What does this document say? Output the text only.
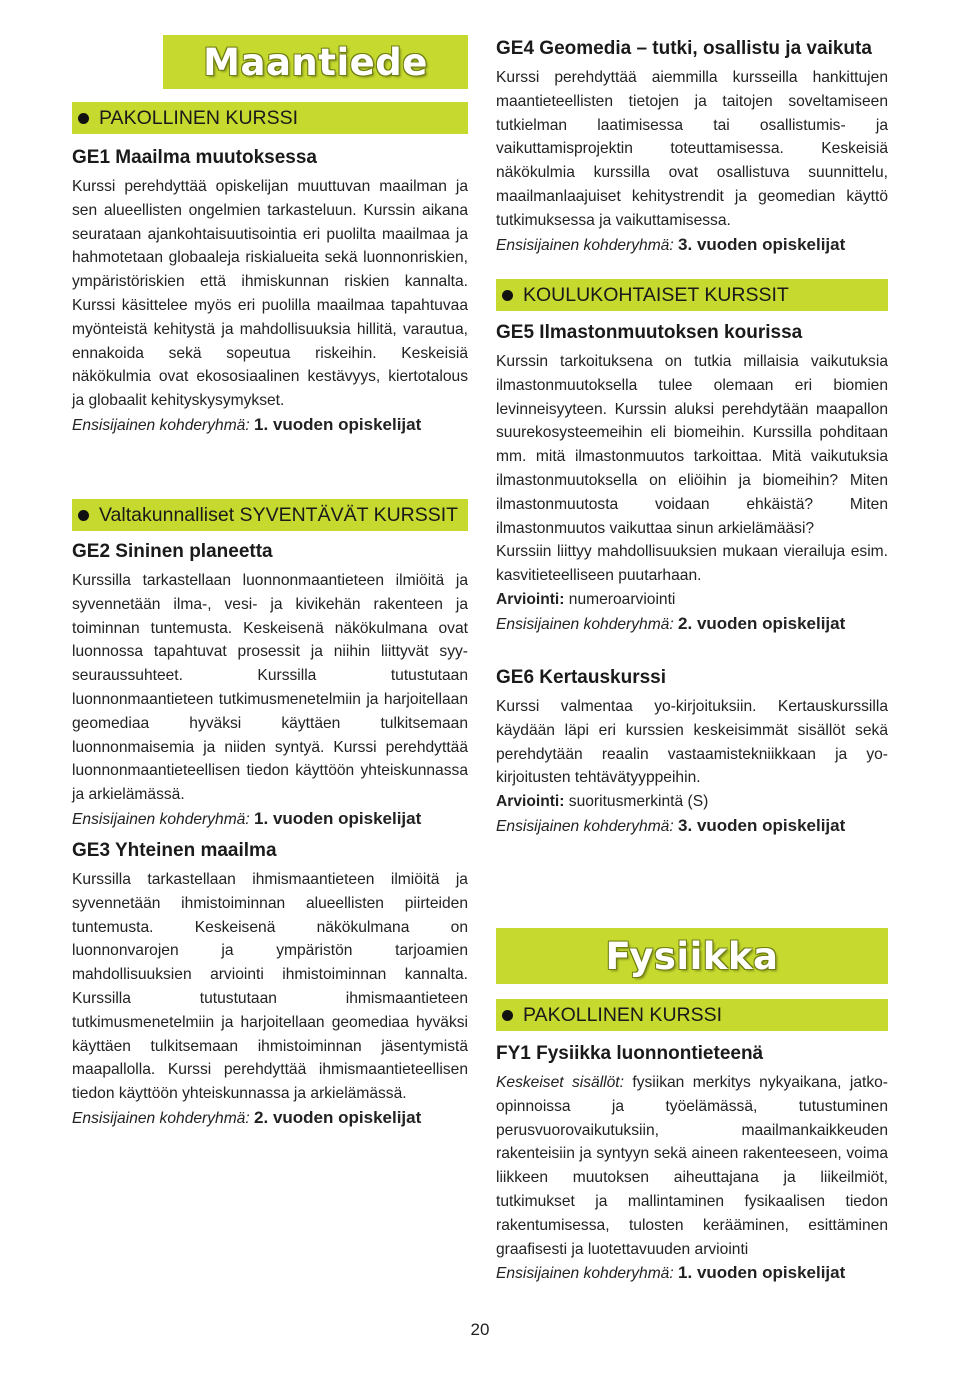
Maantiede
PAKOLLINEN KURSSI
GE1 Maailma muutoksessa

Kurssi perehdyttää opiskelijan muuttuvan maailman ja sen alueellisten ongelmien tarkasteluun. Kurssin aikana seurataan ajankohtaisuutisointia eri puolilta maailmaa ja hahmotetaan globaaleja riskialueita sekä luonnonriskien, ympäristöriskien että ihmiskunnan riskien kannalta. Kurssi käsittelee myös eri puolilla maailmaa tapahtuvaa myönteistä kehitystä ja mahdollisuuksia hillitä, varautua, ennakoida sekä sopeutua riskeihin. Keskeisiä näkökulmia ovat ekososiaalinen kestävyys, kiertotalous ja globaalit kehityskysymykset.

Ensisijainen kohderyhmä: 1. vuoden opiskelijat

Valtakunnalliset SYVENTÄVÄT KURSSIT
GE2 Sininen planeetta

Kurssilla tarkastellaan luonnonmaantieteen ilmiöitä ja syvennetään ilma-, vesi- ja kivikehän rakenteen ja toiminnan tuntemusta. Keskeisenä näkökulmana ovat luonnossa tapahtuvat prosessit ja niihin liittyvät syy-seuraussuhteet. Kurssilla tutustutaan luonnonmaantieteen tutkimusmenetelmiin ja harjoitellaan geomediaa hyväksi käyttäen tulkitsemaan luonnonmaisemia ja niiden syntyä. Kurssi perehdyttää luonnonmaantieteellisen tiedon käyttöön yhteiskunnassa ja arkielämässä.

Ensisijainen kohderyhmä: 1. vuoden opiskelijat

GE3 Yhteinen maailma

Kurssilla tarkastellaan ihmismaantieteen ilmiöitä ja syvennetään ihmistoiminnan alueellisten piirteiden tuntemusta. Keskeisenä näkökulmana on luonnonvarojen ja ympäristön tarjoamien mahdollisuuksien arviointi ihmistoiminnan kannalta. Kurssilla tutustutaan ihmismaantieteen tutkimusmenetelmiin ja harjoitellaan geomediaa hyväksi käyttäen tulkitsemaan ihmistoiminnan jäsentymistä maapallolla. Kurssi perehdyttää ihmismaantieteellisen tiedon käyttöön yhteiskunnassa ja arkielämässä.

Ensisijainen kohderyhmä: 2. vuoden opiskelijat

GE4 Geomedia – tutki, osallistu ja vaikuta

Kurssi perehdyttää aiemmilla kursseilla hankittujen maantieteellisten tietojen ja taitojen soveltamiseen tutkielman laatimisessa tai osallistumis- ja vaikuttamisprojektin toteuttamisessa. Keskeisiä näkökulmia kurssilla ovat osallistuva suunnittelu, maailmanlaajuiset kehitystrendit ja geomedian käyttö tutkimuksessa ja vaikuttamisessa.

Ensisijainen kohderyhmä: 3. vuoden opiskelijat

KOULUKOHTAISET KURSSIT
GE5 Ilmastonmuutoksen kourissa

Kurssin tarkoituksena on tutkia millaisia vaikutuksia ilmastonmuutoksella tulee olemaan eri biomien levinneisyyteen. Kurssin aluksi perehdytään maapallon suurekosysteemeihin eli biomeihin. Kurssilla pohditaan mm. mitä ilmastonmuutos tarkoittaa. Mitä vaikutuksia ilmastonmuutoksella on eliöihin ja biomeihin? Miten ilmastonmuutosta voidaan ehkäistä? Miten ilmastonmuutos vaikuttaa sinun arkielämääsi?

Kurssiin liittyy mahdollisuuksien mukaan vierailuja esim. kasvitieteelliseen puutarhaan.

Arviointi: numeroarviointi

Ensisijainen kohderyhmä: 2. vuoden opiskelijat

GE6 Kertauskurssi

Kurssi valmentaa yo-kirjoituksiin. Kertauskurssilla käydään läpi eri kurssien keskeisimmät sisällöt sekä perehdytään reaalin vastaamistekniikkaan ja yo-kirjoitusten tehtävätyyppeihin.

Arviointi: suoritusmerkintä (S)

Ensisijainen kohderyhmä: 3. vuoden opiskelijat

Fysiikka
PAKOLLINEN KURSSI
FY1 Fysiikka luonnontieteenä

Keskeiset sisällöt: fysiikan merkitys nykyaikana, jatko-opinnoissa ja työelämässä, tutustuminen perusvuorovaikutuksiin, maailmankaikkeuden rakenteisiin ja syntyyn sekä aineen rakenteeseen, voima liikkeen muutoksen aiheuttajana ja liikeilmiöt, tutkimukset ja mallintaminen fysikaalisen tiedon rakentumisessa, tulosten kerääminen, esittäminen graafisesti ja luotettavuuden arviointi

Ensisijainen kohderyhmä: 1. vuoden opiskelijat

20
